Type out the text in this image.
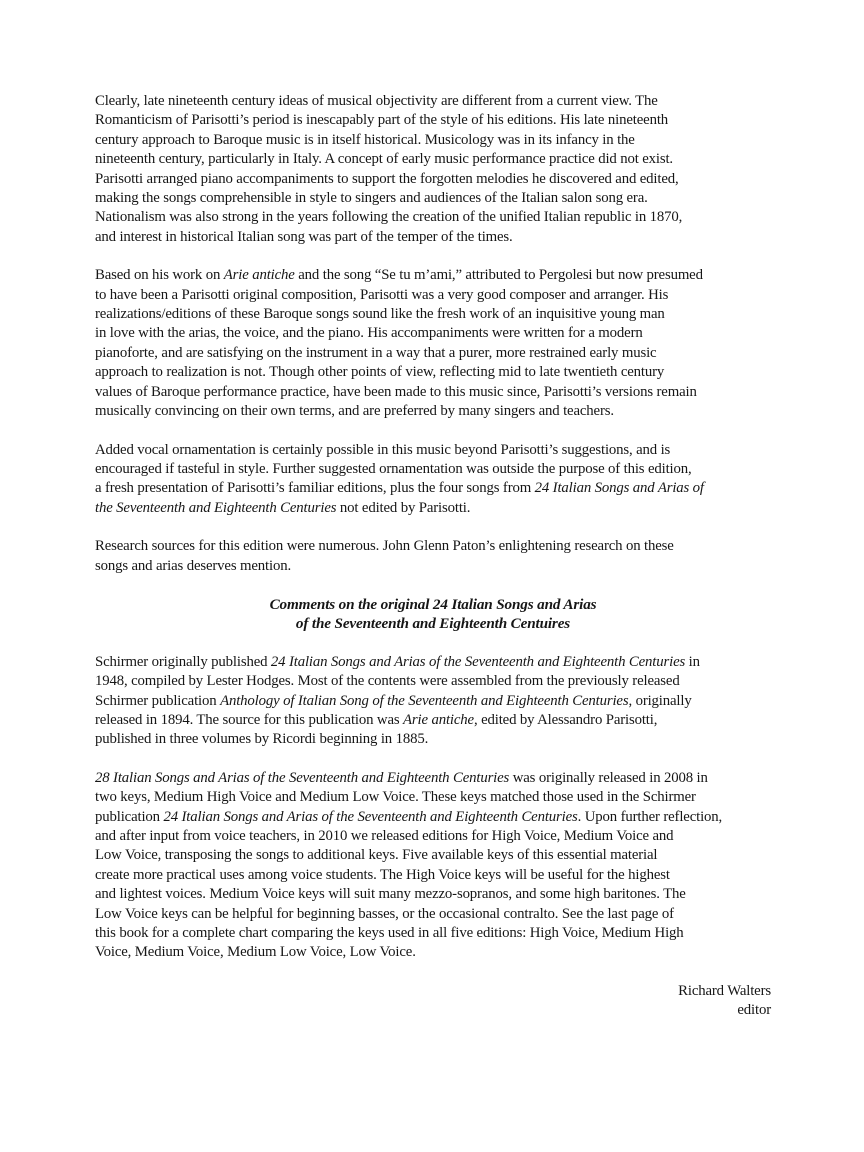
Clearly, late nineteenth century ideas of musical objectivity are different from a current view. The
Romanticism of Parisotti’s period is inescapably part of the style of his editions. His late nineteenth
century approach to Baroque music is in itself historical. Musicology was in its infancy in the
nineteenth century, particularly in Italy. A concept of early music performance practice did not exist.
Parisotti arranged piano accompaniments to support the forgotten melodies he discovered and edited,
making the songs comprehensible in style to singers and audiences of the Italian salon song era.
Nationalism was also strong in the years following the creation of the unified Italian republic in 1870,
and interest in historical Italian song was part of the temper of the times.
Based on his work on Arie antiche and the song “Se tu m’ami,” attributed to Pergolesi but now presumed
to have been a Parisotti original composition, Parisotti was a very good composer and arranger. His
realizations/editions of these Baroque songs sound like the fresh work of an inquisitive young man
in love with the arias, the voice, and the piano. His accompaniments were written for a modern
pianoforte, and are satisfying on the instrument in a way that a purer, more restrained early music
approach to realization is not. Though other points of view, reflecting mid to late twentieth century
values of Baroque performance practice, have been made to this music since, Parisotti’s versions remain
musically convincing on their own terms, and are preferred by many singers and teachers.
Added vocal ornamentation is certainly possible in this music beyond Parisotti’s suggestions, and is
encouraged if tasteful in style. Further suggested ornamentation was outside the purpose of this edition,
a fresh presentation of Parisotti’s familiar editions, plus the four songs from 24 Italian Songs and Arias of
the Seventeenth and Eighteenth Centuries not edited by Parisotti.
Research sources for this edition were numerous. John Glenn Paton’s enlightening research on these
songs and arias deserves mention.
Comments on the original 24 Italian Songs and Arias
of the Seventeenth and Eighteenth Centuires
Schirmer originally published 24 Italian Songs and Arias of the Seventeenth and Eighteenth Centuries in
1948, compiled by Lester Hodges. Most of the contents were assembled from the previously released
Schirmer publication Anthology of Italian Song of the Seventeenth and Eighteenth Centuries, originally
released in 1894. The source for this publication was Arie antiche, edited by Alessandro Parisotti,
published in three volumes by Ricordi beginning in 1885.
28 Italian Songs and Arias of the Seventeenth and Eighteenth Centuries was originally released in 2008 in
two keys, Medium High Voice and Medium Low Voice. These keys matched those used in the Schirmer
publication 24 Italian Songs and Arias of the Seventeenth and Eighteenth Centuries. Upon further reflection,
and after input from voice teachers, in 2010 we released editions for High Voice, Medium Voice and
Low Voice, transposing the songs to additional keys. Five available keys of this essential material
create more practical uses among voice students. The High Voice keys will be useful for the highest
and lightest voices. Medium Voice keys will suit many mezzo-sopranos, and some high baritones. The
Low Voice keys can be helpful for beginning basses, or the occasional contralto. See the last page of
this book for a complete chart comparing the keys used in all five editions: High Voice, Medium High
Voice, Medium Voice, Medium Low Voice, Low Voice.
Richard Walters
editor
